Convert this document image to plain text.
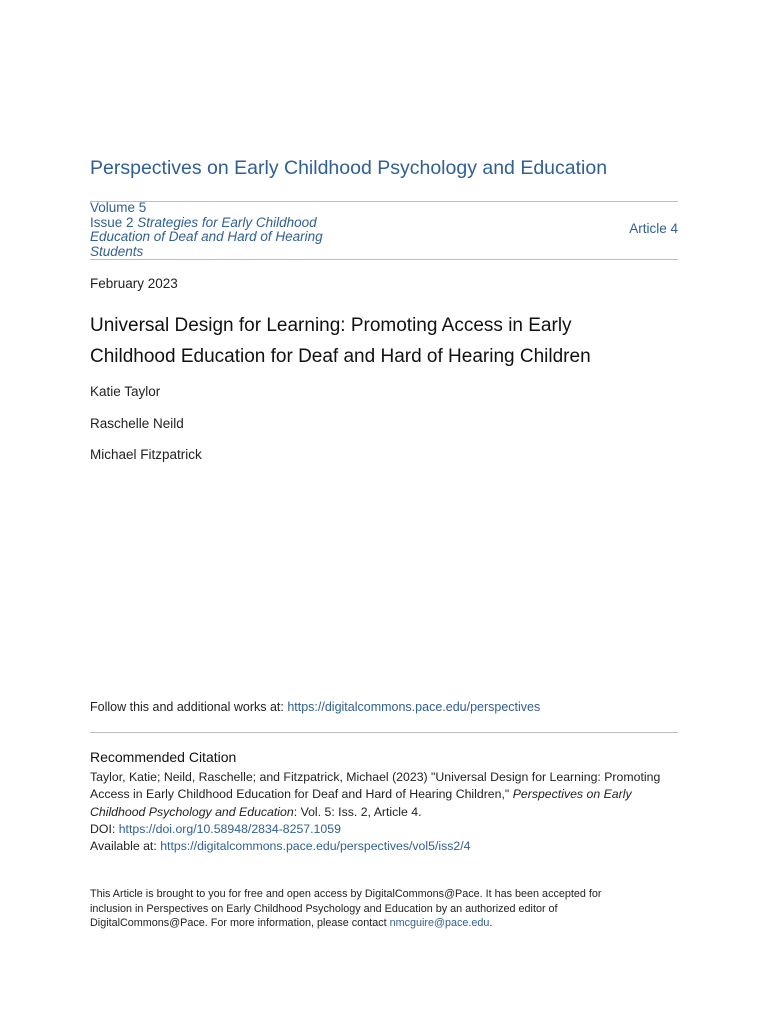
Perspectives on Early Childhood Psychology and Education
Volume 5
Issue 2 Strategies for Early Childhood
Education of Deaf and Hard of Hearing
Students
Article 4
February 2023
Universal Design for Learning: Promoting Access in Early
Childhood Education for Deaf and Hard of Hearing Children
Katie Taylor
Raschelle Neild
Michael Fitzpatrick
Follow this and additional works at: https://digitalcommons.pace.edu/perspectives
Recommended Citation
Taylor, Katie; Neild, Raschelle; and Fitzpatrick, Michael (2023) "Universal Design for Learning: Promoting
Access in Early Childhood Education for Deaf and Hard of Hearing Children," Perspectives on Early
Childhood Psychology and Education: Vol. 5: Iss. 2, Article 4.
DOI: https://doi.org/10.58948/2834-8257.1059
Available at: https://digitalcommons.pace.edu/perspectives/vol5/iss2/4
This Article is brought to you for free and open access by DigitalCommons@Pace. It has been accepted for
inclusion in Perspectives on Early Childhood Psychology and Education by an authorized editor of
DigitalCommons@Pace. For more information, please contact nmcguire@pace.edu.
